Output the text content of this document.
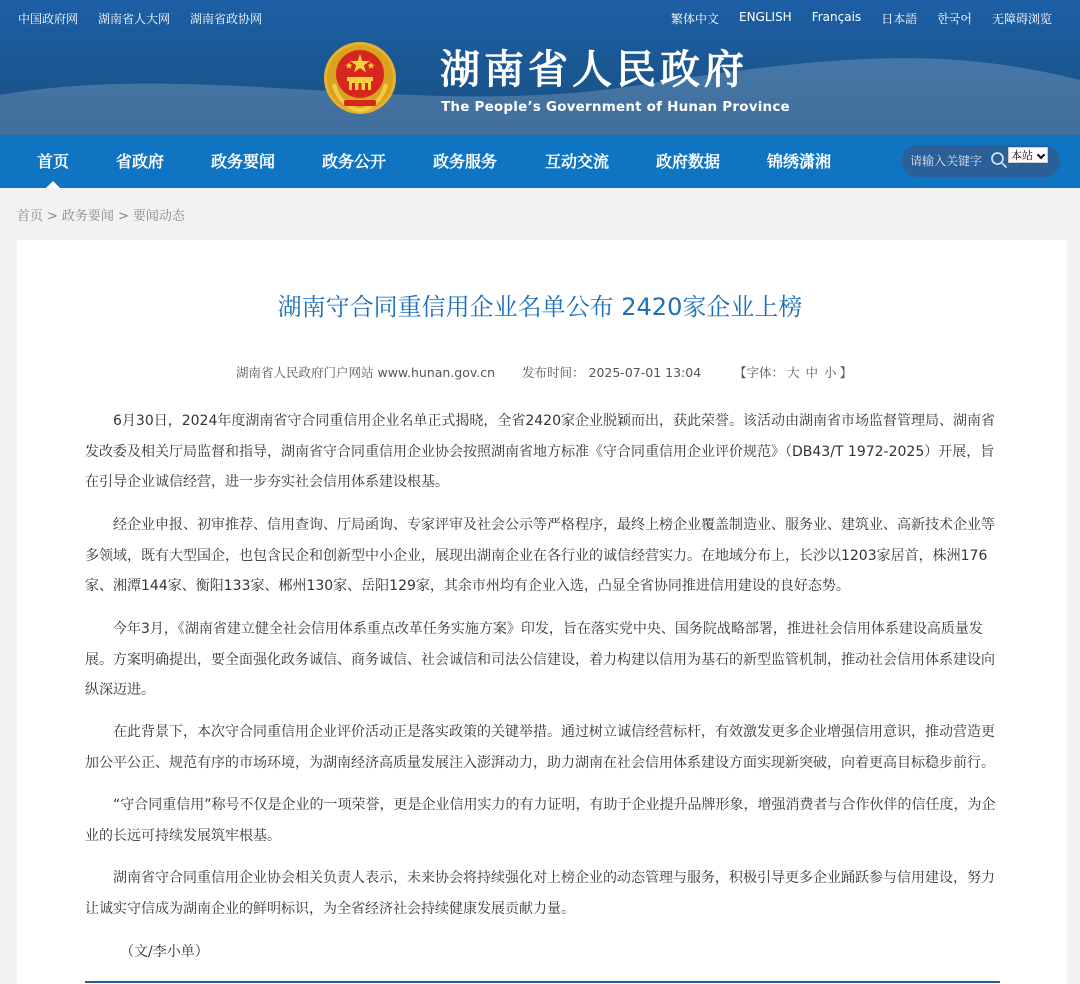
中国政府网 湖南省人大网 湖南省政协网	繁体中文 ENGLISH Français 日本語 한국어 无障碍浏览
湖南省人民政府
The People’s Government of Hunan Province
首页	省政府	政务要闻	政务公开	政务服务	互动交流	政府数据	锦绣潇湘
请输入关键字	本站
首页 > 政务要闻 > 要闻动态
湖南守合同重信用企业名单公布 2420家企业上榜
湖南省人民政府门户网站 www.hunan.gov.cn 发布时间： 2025-07-01 13:04	【字体： 大 中 小 】

6月30日，2024年度湖南省守合同重信用企业名单正式揭晓，全省2420家企业脱颖而出，获此荣誉。该活动由湖南省市场监督管理局、湖南省发改委及相关厅局监督和指导，湖南省守合同重信用企业协会按照湖南省地方标准《守合同重信用企业评价规范》（DB43/T 1972-2025）开展，旨在引导企业诚信经营，进一步夯实社会信用体系建设根基。

经企业申报、初审推荐、信用查询、厅局函询、专家评审及社会公示等严格程序，最终上榜企业覆盖制造业、服务业、建筑业、高新技术企业等多领域，既有大型国企，也包含民企和创新型中小企业，展现出湖南企业在各行业的诚信经营实力。在地域分布上，长沙以1203家居首，株洲176家、湘潭144家、衡阳133家、郴州130家、岳阳129家，其余市州均有企业入选，凸显全省协同推进信用建设的良好态势。

今年3月，《湖南省建立健全社会信用体系重点改革任务实施方案》印发，旨在落实党中央、国务院战略部署，推进社会信用体系建设高质量发展。方案明确提出，要全面强化政务诚信、商务诚信、社会诚信和司法公信建设，着力构建以信用为基石的新型监管机制，推动社会信用体系建设向纵深迈进。

在此背景下，本次守合同重信用企业评价活动正是落实政策的关键举措。通过树立诚信经营标杆，有效激发更多企业增强信用意识，推动营造更加公平公正、规范有序的市场环境，为湖南经济高质量发展注入澎湃动力，助力湖南在社会信用体系建设方面实现新突破，向着更高目标稳步前行。

“守合同重信用”称号不仅是企业的一项荣誉，更是企业信用实力的有力证明，有助于企业提升品牌形象，增强消费者与合作伙伴的信任度，为企业的长远可持续发展筑牢根基。

湖南省守合同重信用企业协会相关负责人表示，未来协会将持续强化对上榜企业的动态管理与服务，积极引导更多企业踊跃参与信用建设，努力让诚实守信成为湖南企业的鲜明标识，为全省经济社会持续健康发展贡献力量。

（文/李小单）
